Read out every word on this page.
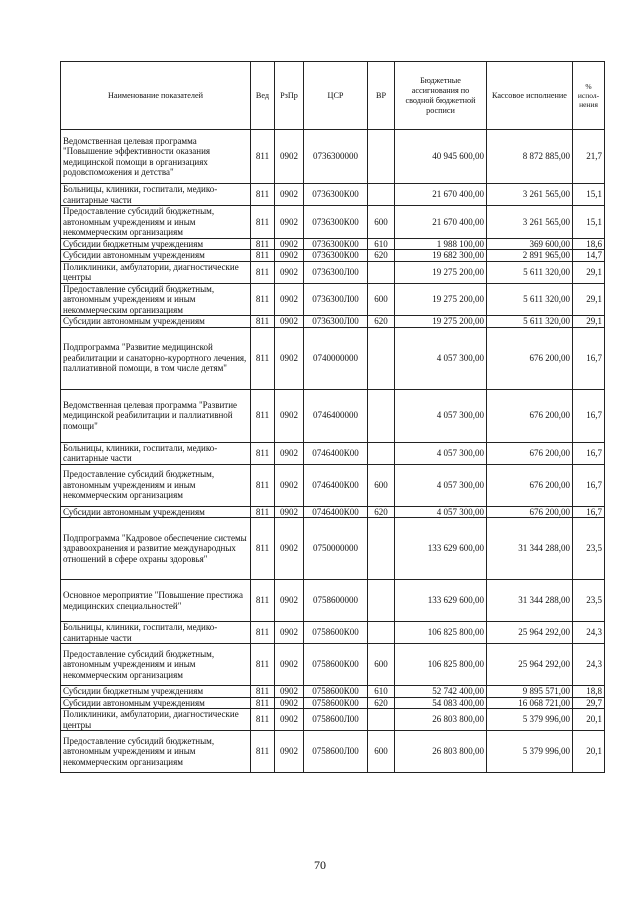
Наименование показателей	Вед	РзПр	ЦСР	ВР	Бюджетные ассигнования по сводной бюджетной росписи	Кассовое исполнение	% испол-нения
Ведомственная целевая программа "Повышение эффективности оказания медицинской помощи в организациях родовспоможения и детства"	811	0902	0736300000		40 945 600,00	8 872 885,00	21,7
Больницы, клиники, госпитали, медико-санитарные части	811	0902	0736300К00		21 670 400,00	3 261 565,00	15,1
Предоставление субсидий бюджетным, автономным учреждениям и иным некоммерческим организациям	811	0902	0736300К00	600	21 670 400,00	3 261 565,00	15,1
Субсидии бюджетным учреждениям	811	0902	0736300К00	610	1 988 100,00	369 600,00	18,6
Субсидии автономным учреждениям	811	0902	0736300К00	620	19 682 300,00	2 891 965,00	14,7
Поликлиники, амбулатории, диагностические центры	811	0902	0736300Л00		19 275 200,00	5 611 320,00	29,1
Предоставление субсидий бюджетным, автономным учреждениям и иным некоммерческим организациям	811	0902	0736300Л00	600	19 275 200,00	5 611 320,00	29,1
Субсидии автономным учреждениям	811	0902	0736300Л00	620	19 275 200,00	5 611 320,00	29,1
Подпрограмма "Развитие медицинской реабилитации и санаторно-курортного лечения, паллиативной помощи, в том числе детям"	811	0902	0740000000		4 057 300,00	676 200,00	16,7
Ведомственная целевая программа "Развитие медицинской реабилитации и паллиативной помощи"	811	0902	0746400000		4 057 300,00	676 200,00	16,7
Больницы, клиники, госпитали, медико-санитарные части	811	0902	0746400К00		4 057 300,00	676 200,00	16,7
Предоставление субсидий бюджетным, автономным учреждениям и иным некоммерческим организациям	811	0902	0746400К00	600	4 057 300,00	676 200,00	16,7
Субсидии автономным учреждениям	811	0902	0746400К00	620	4 057 300,00	676 200,00	16,7
Подпрограмма "Кадровое обеспечение системы здравоохранения и развитие международных отношений в сфере охраны здоровья"	811	0902	0750000000		133 629 600,00	31 344 288,00	23,5
Основное мероприятие "Повышение престижа медицинских специальностей"	811	0902	0758600000		133 629 600,00	31 344 288,00	23,5
Больницы, клиники, госпитали, медико-санитарные части	811	0902	0758600К00		106 825 800,00	25 964 292,00	24,3
Предоставление субсидий бюджетным, автономным учреждениям и иным некоммерческим организациям	811	0902	0758600К00	600	106 825 800,00	25 964 292,00	24,3
Субсидии бюджетным учреждениям	811	0902	0758600К00	610	52 742 400,00	9 895 571,00	18,8
Субсидии автономным учреждениям	811	0902	0758600К00	620	54 083 400,00	16 068 721,00	29,7
Поликлиники, амбулатории, диагностические центры	811	0902	0758600Л00		26 803 800,00	5 379 996,00	20,1
Предоставление субсидий бюджетным, автономным учреждениям и иным некоммерческим организациям	811	0902	0758600Л00	600	26 803 800,00	5 379 996,00	20,1
70
